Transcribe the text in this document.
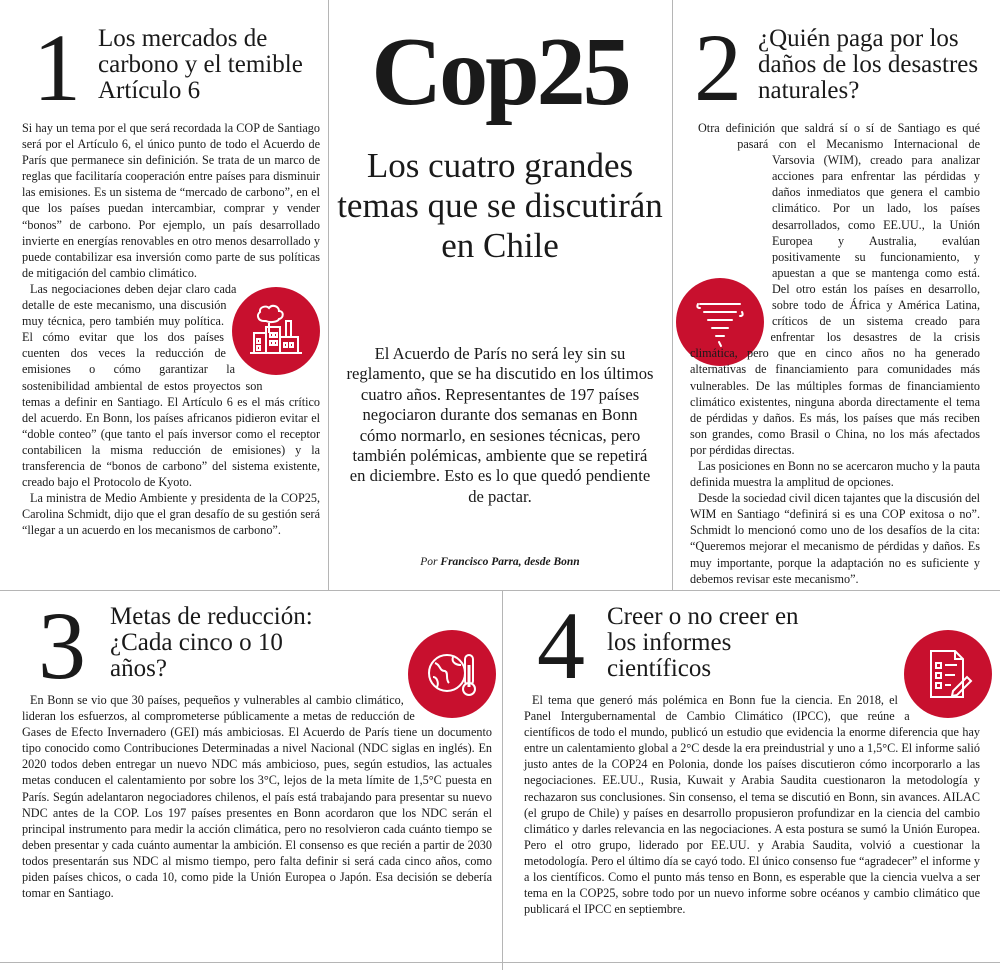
Cop25
Los cuatro grandes temas que se discutirán en Chile

El Acuerdo de París no será ley sin su reglamento, que se ha discutido en los últimos cuatro años. Representantes de 197 países negociaron durante dos semanas en Bonn cómo normarlo, en sesiones técnicas, pero también polémicas, ambiente que se repetirá en diciembre. Esto es lo que quedó pendiente de pactar.

Por Francisco Parra, desde Bonn

1 Los mercados de carbono y el temible Artículo 6

Si hay un tema por el que será recordada la COP de Santiago será por el Artículo 6, el único punto de todo el Acuerdo de París que permanece sin definición. Se trata de un marco de reglas que facilitaría cooperación entre países para disminuir las emisiones. Es un sistema de “mercado de carbono”, en el que los países puedan intercambiar, comprar y vender “bonos” de carbono. Por ejemplo, un país desarrollado invierte en energías renovables en otro menos desarrollado y puede contabilizar esa inversión como parte de sus políticas de mitigación del cambio climático.

Las negociaciones deben dejar claro cada detalle de este mecanismo, una discusión muy técnica, pero también muy política. El cómo evitar que los dos países cuenten dos veces la reducción de emisiones o cómo garantizar la sostenibilidad ambiental de estos proyectos son temas a definir en Santiago. El Artículo 6 es el más crítico del acuerdo. En Bonn, los países africanos pidieron evitar el “doble conteo” (que tanto el país inversor como el receptor contabilicen la misma reducción de emisiones) y la transferencia de “bonos de carbono” del sistema existente, creado bajo el Protocolo de Kyoto.

La ministra de Medio Ambiente y presidenta de la COP25, Carolina Schmidt, dijo que el gran desafío de su gestión será “llegar a un acuerdo en los mecanismos de carbono”.

2 ¿Quién paga por los daños de los desastres naturales?

Otra definición que saldrá sí o sí de Santiago es qué pasará con el Mecanismo Internacional de Varsovia (WIM), creado para analizar acciones para enfrentar las pérdidas y daños inmediatos que genera el cambio climático. Por un lado, los países desarrollados, como EE.UU., la Unión Europea y Australia, evalúan positivamente su funcionamiento, y apuestan a que se mantenga como está. Del otro están los países en desarrollo, sobre todo de África y América Latina, críticos de un sistema creado para enfrentar los desastres de la crisis climática, pero que en cinco años no ha generado alternativas de financiamiento para comunidades más vulnerables. De las múltiples formas de financiamiento climático existentes, ninguna aborda directamente el tema de pérdidas y daños. Es más, los países que más reciben son grandes, como Brasil o China, no los más afectados por pérdidas directas.

Las posiciones en Bonn no se acercaron mucho y la pauta definida muestra la amplitud de opciones.

Desde la sociedad civil dicen tajantes que la discusión del WIM en Santiago “definirá si es una COP exitosa o no”. Schmidt lo mencionó como uno de los desafíos de la cita: “Queremos mejorar el mecanismo de pérdidas y daños. Es muy importante, porque la adaptación no es suficiente y debemos revisar este mecanismo”.

3 Metas de reducción: ¿Cada cinco o 10 años?

En Bonn se vio que 30 países, pequeños y vulnerables al cambio climático, lideran los esfuerzos, al comprometerse públicamente a metas de reducción de Gases de Efecto Invernadero (GEI) más ambiciosas. El Acuerdo de París tiene un documento tipo conocido como Contribuciones Determinadas a nivel Nacional (NDC siglas en inglés). En 2020 todos deben entregar un nuevo NDC más ambicioso, pues, según estudios, las actuales metas conducen el calentamiento por sobre los 3°C, lejos de la meta límite de 1,5°C puesta en París. Según adelantaron negociadores chilenos, el país está trabajando para presentar su nuevo NDC antes de la COP. Los 197 países presentes en Bonn acordaron que los NDC serán el principal instrumento para medir la acción climática, pero no resolvieron cada cuánto tiempo se deben presentar y cada cuánto aumentar la ambición. El consenso es que recién a partir de 2030 todos presentarán sus NDC al mismo tiempo, pero falta definir si será cada cinco años, como piden países chicos, o cada 10, como pide la Unión Europea o Japón. Esa decisión se debería tomar en Santiago.

4 Creer o no creer en los informes científicos

El tema que generó más polémica en Bonn fue la ciencia. En 2018, el Panel Intergubernamental de Cambio Climático (IPCC), que reúne a científicos de todo el mundo, publicó un estudio que evidencia la enorme diferencia que hay entre un calentamiento global a 2°C desde la era preindustrial y uno a 1,5°C. El informe salió justo antes de la COP24 en Polonia, donde los países discutieron cómo incorporarlo a las negociaciones. EE.UU., Rusia, Kuwait y Arabia Saudita cuestionaron la metodología y rechazaron sus conclusiones. Sin consenso, el tema se discutió en Bonn, sin avances. AILAC (el grupo de Chile) y países en desarrollo propusieron profundizar en la ciencia del cambio climático y darles relevancia en las negociaciones. A esta postura se sumó la Unión Europea. Pero el otro grupo, liderado por EE.UU. y Arabia Saudita, volvió a cuestionar la metodología. Pero el último día se cayó todo. El único consenso fue “agradecer” el informe y a los científicos. Como el punto más tenso en Bonn, es esperable que la ciencia vuelva a ser tema en la COP25, sobre todo por un nuevo informe sobre océanos y cambio climático que publicará el IPCC en septiembre.
